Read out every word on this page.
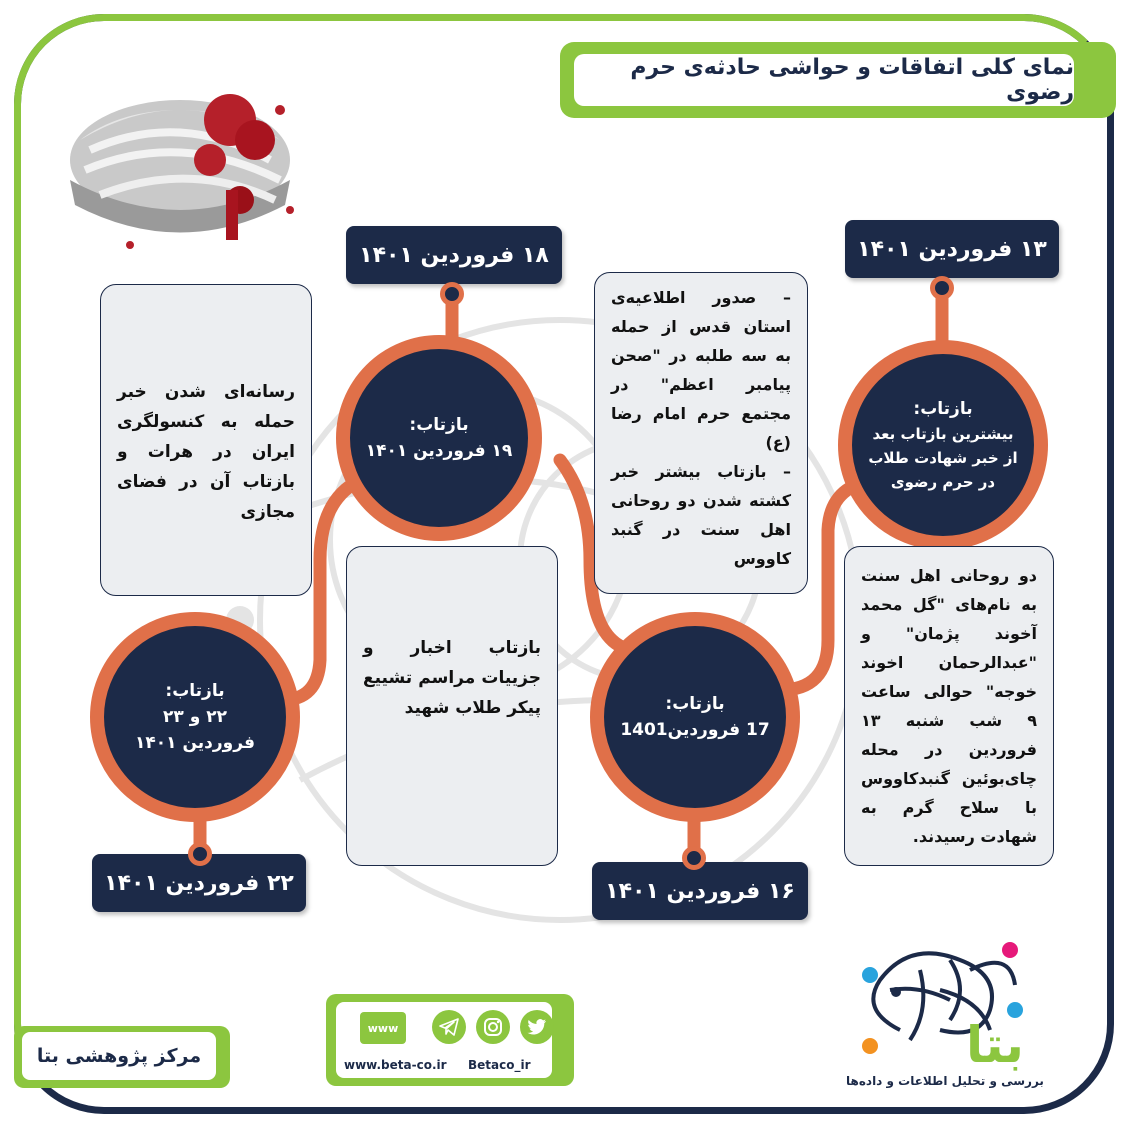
نمای کلی اتفاقات و حواشی حادثه‌ی حرم رضوی
۱۳ فروردین ۱۴۰۱
۱۸ فروردین ۱۴۰۱
۱۶ فروردین ۱۴۰۱
۲۲ فروردین ۱۴۰۱
بازتاب:
بیشترین بازتاب بعد از خبر شهادت طلاب در حرم رضوی
بازتاب:
۱۹ فروردین ۱۴۰۱
بازتاب:
17 فروردین1401
بازتاب:
۲۲ و ۲۳ فروردین ۱۴۰۱
دو روحانی اهل سنت به نام‌های "گل محمد آخوند پژمان" و "عبدالرحمان اخوند خوجه" حوالی ساعت ۹ شب شنبه ۱۳ فروردین در محله چای‌بوئین گنبدکاووس با سلاح گرم به شهادت رسیدند.
– صدور اطلاعیه‌ی استان قدس از حمله به سه طلبه در "صحن پیامبر اعظم" در مجتمع حرم امام رضا (ع)
– بازتاب بیشتر خبر کشته شدن دو روحانی اهل سنت در گنبد کاووس
بازتاب اخبار و جزییات مراسم تشییع پیکر طلاب شهید
رسانه‌ای شدن خبر حمله به کنسولگری ایران در هرات و بازتاب آن در فضای مجازی
مرکز پژوهشی بتا
www
www.beta-co.ir Betaco_ir	بتا
بررسی و تحلیل اطلاعات و داده‌ها
